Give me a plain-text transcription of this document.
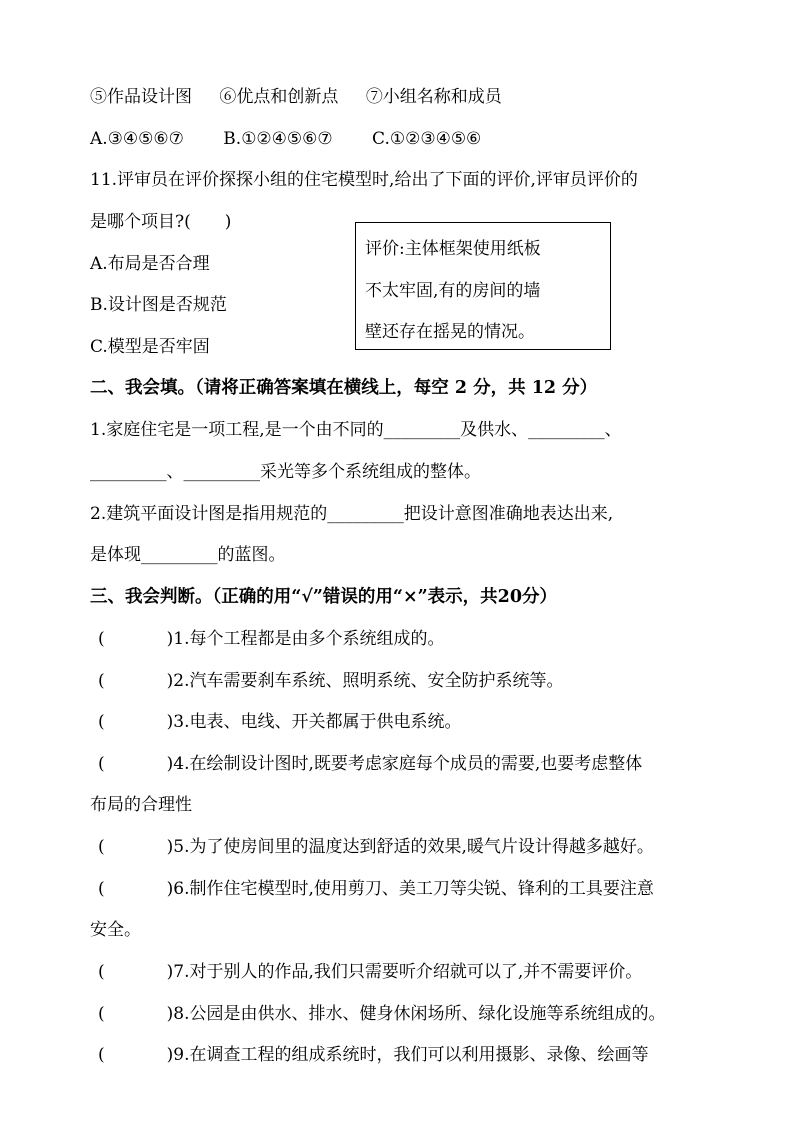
⑤作品设计图 ⑥优点和创新点 ⑦小组名称和成员
A.③④⑤⑥⑦ B.①②④⑤⑥⑦ C.①②③④⑤⑥
11.评审员在评价探探小组的住宅模型时,给出了下面的评价,评审员评价的
是哪个项目?(　　)
A.布局是否合理
B.设计图是否规范
C.模型是否牢固
评价:主体框架使用纸板
不太牢固,有的房间的墙
壁还存在摇晃的情况。
二、我会填。（请将正确答案填在横线上，每空 2 分，共 12 分）
1.家庭住宅是一项工程,是一个由不同的_________及供水、_________、
_________、_________采光等多个系统组成的整体。
2.建筑平面设计图是指用规范的_________把设计意图准确地表达出来,
是体现_________的蓝图。
三、我会判断。（正确的用“√”错误的用“×”表示，共20分）
(	)1.每个工程都是由多个系统组成的。
(	)2.汽车需要刹车系统、照明系统、安全防护系统等。
(	)3.电表、电线、开关都属于供电系统。
(	)4.在绘制设计图时,既要考虑家庭每个成员的需要,也要考虑整体
布局的合理性
(	)5.为了使房间里的温度达到舒适的效果,暖气片设计得越多越好。
(	)6.制作住宅模型时,使用剪刀、美工刀等尖锐、锋利的工具要注意
安全。
(	)7.对于别人的作品,我们只需要听介绍就可以了,并不需要评价。
(	)8.公园是由供水、排水、健身休闲场所、绿化设施等系统组成的。
(	)9.在调查工程的组成系统时，我们可以利用摄影、录像、绘画等
